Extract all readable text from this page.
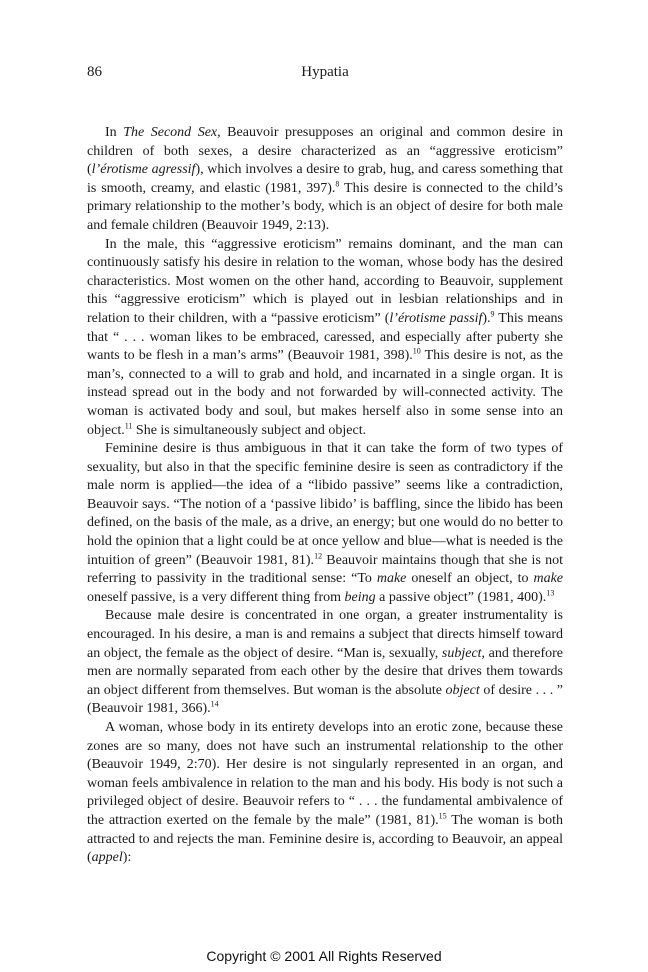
86	Hypatia

In The Second Sex, Beauvoir presupposes an original and common desire in children of both sexes, a desire characterized as an “aggressive eroticism” (l’érotisme agressif), which involves a desire to grab, hug, and caress something that is smooth, creamy, and elastic (1981, 397).$^8$ This desire is connected to the child’s primary relationship to the mother’s body, which is an object of desire for both male and female children (Beauvoir 1949, 2:13).

In the male, this “aggressive eroticism” remains dominant, and the man can continuously satisfy his desire in relation to the woman, whose body has the desired characteristics. Most women on the other hand, according to Beauvoir, supplement this “aggressive eroticism” which is played out in lesbian relationships and in relation to their children, with a “passive eroticism” (l’érotisme passif).$^9$ This means that “ . . . woman likes to be embraced, caressed, and especially after puberty she wants to be flesh in a man’s arms” (Beauvoir 1981, 398).$^{10}$ This desire is not, as the man’s, connected to a will to grab and hold, and incarnated in a single organ. It is instead spread out in the body and not forwarded by will-connected activity. The woman is activated body and soul, but makes herself also in some sense into an object.$^{11}$ She is simultaneously subject and object.

Feminine desire is thus ambiguous in that it can take the form of two types of sexuality, but also in that the specific feminine desire is seen as contradictory if the male norm is applied—the idea of a “libido passive” seems like a contradiction, Beauvoir says. “The notion of a ‘passive libido’ is baffling, since the libido has been defined, on the basis of the male, as a drive, an energy; but one would do no better to hold the opinion that a light could be at once yellow and blue—what is needed is the intuition of green” (Beauvoir 1981, 81).$^{12}$ Beauvoir maintains though that she is not referring to passivity in the traditional sense: “To make oneself an object, to make oneself passive, is a very different thing from being a passive object” (1981, 400).$^{13}$

Because male desire is concentrated in one organ, a greater instrumentality is encouraged. In his desire, a man is and remains a subject that directs himself toward an object, the female as the object of desire. “Man is, sexually, subject, and therefore men are normally separated from each other by the desire that drives them towards an object different from themselves. But woman is the absolute object of desire . . . ” (Beauvoir 1981, 366).$^{14}$

A woman, whose body in its entirety develops into an erotic zone, because these zones are so many, does not have such an instrumental relationship to the other (Beauvoir 1949, 2:70). Her desire is not singularly represented in an organ, and woman feels ambivalence in relation to the man and his body. His body is not such a privileged object of desire. Beauvoir refers to “ . . . the fundamental ambivalence of the attraction exerted on the female by the male” (1981, 81).$^{15}$ The woman is both attracted to and rejects the man. Feminine desire is, according to Beauvoir, an appeal (appel):

Copyright © 2001 All Rights Reserved
